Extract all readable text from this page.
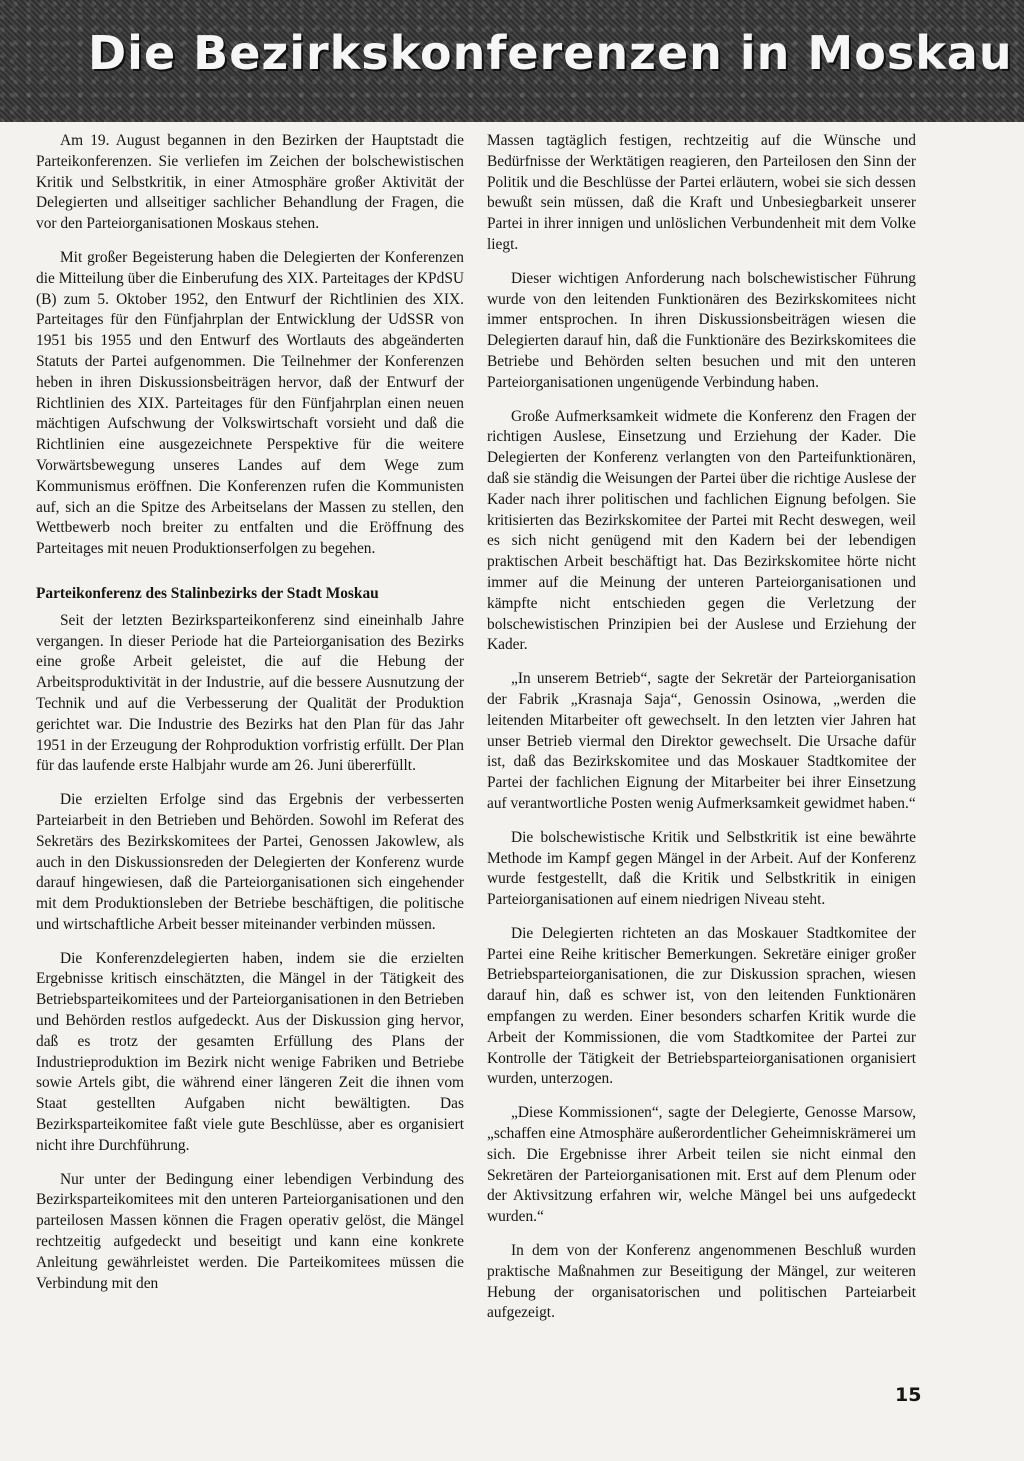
Die Bezirkskonferenzen in Moskau

Am 19. August begannen in den Bezirken der Hauptstadt die Parteikonferenzen. Sie verliefen im Zeichen der bolschewistischen Kritik und Selbstkritik, in einer Atmosphäre großer Aktivität der Delegierten und allseitiger sachlicher Behandlung der Fragen, die vor den Parteiorganisationen Moskaus stehen.

Mit großer Begeisterung haben die Delegierten der Konferenzen die Mitteilung über die Einberufung des XIX. Parteitages der KPdSU (B) zum 5. Oktober 1952, den Entwurf der Richtlinien des XIX. Parteitages für den Fünfjahrplan der Entwicklung der UdSSR von 1951 bis 1955 und den Entwurf des Wortlauts des abgeänderten Statuts der Partei aufgenommen. Die Teilnehmer der Konferenzen heben in ihren Diskussionsbeiträgen hervor, daß der Entwurf der Richtlinien des XIX. Parteitages für den Fünfjahrplan einen neuen mächtigen Aufschwung der Volkswirtschaft vorsieht und daß die Richtlinien eine ausgezeichnete Perspektive für die weitere Vorwärtsbewegung unseres Landes auf dem Wege zum Kommunismus eröffnen. Die Konferenzen rufen die Kommunisten auf, sich an die Spitze des Arbeitselans der Massen zu stellen, den Wettbewerb noch breiter zu entfalten und die Eröffnung des Parteitages mit neuen Produktionserfolgen zu begehen.

Parteikonferenz des Stalinbezirks der Stadt Moskau

Seit der letzten Bezirksparteikonferenz sind eineinhalb Jahre vergangen. In dieser Periode hat die Parteiorganisation des Bezirks eine große Arbeit geleistet, die auf die Hebung der Arbeitsproduktivität in der Industrie, auf die bessere Ausnutzung der Technik und auf die Verbesserung der Qualität der Produktion gerichtet war. Die Industrie des Bezirks hat den Plan für das Jahr 1951 in der Erzeugung der Rohproduktion vorfristig erfüllt. Der Plan für das laufende erste Halbjahr wurde am 26. Juni übererfüllt.

Die erzielten Erfolge sind das Ergebnis der verbesserten Parteiarbeit in den Betrieben und Behörden. Sowohl im Referat des Sekretärs des Bezirkskomitees der Partei, Genossen Jakowlew, als auch in den Diskussionsreden der Delegierten der Konferenz wurde darauf hingewiesen, daß die Parteiorganisationen sich eingehender mit dem Produktionsleben der Betriebe beschäftigen, die politische und wirtschaftliche Arbeit besser miteinander verbinden müssen.

Die Konferenzdelegierten haben, indem sie die erzielten Ergebnisse kritisch einschätzten, die Mängel in der Tätigkeit des Betriebsparteikomitees und der Parteiorganisationen in den Betrieben und Behörden restlos aufgedeckt. Aus der Diskussion ging hervor, daß es trotz der gesamten Erfüllung des Plans der Industrieproduktion im Bezirk nicht wenige Fabriken und Betriebe sowie Artels gibt, die während einer längeren Zeit die ihnen vom Staat gestellten Aufgaben nicht bewältigten. Das Bezirksparteikomitee faßt viele gute Beschlüsse, aber es organisiert nicht ihre Durchführung.

Nur unter der Bedingung einer lebendigen Verbindung des Bezirksparteikomitees mit den unteren Parteiorganisationen und den parteilosen Massen können die Fragen operativ gelöst, die Mängel rechtzeitig aufgedeckt und beseitigt und kann eine konkrete Anleitung gewährleistet werden. Die Parteikomitees müssen die Verbindung mit den

Massen tagtäglich festigen, rechtzeitig auf die Wünsche und Bedürfnisse der Werktätigen reagieren, den Parteilosen den Sinn der Politik und die Beschlüsse der Partei erläutern, wobei sie sich dessen bewußt sein müssen, daß die Kraft und Unbesiegbarkeit unserer Partei in ihrer innigen und unlöslichen Verbundenheit mit dem Volke liegt.

Dieser wichtigen Anforderung nach bolschewistischer Führung wurde von den leitenden Funktionären des Bezirkskomitees nicht immer entsprochen. In ihren Diskussionsbeiträgen wiesen die Delegierten darauf hin, daß die Funktionäre des Bezirkskomitees die Betriebe und Behörden selten besuchen und mit den unteren Parteiorganisationen ungenügende Verbindung haben.

Große Aufmerksamkeit widmete die Konferenz den Fragen der richtigen Auslese, Einsetzung und Erziehung der Kader. Die Delegierten der Konferenz verlangten von den Parteifunktionären, daß sie ständig die Weisungen der Partei über die richtige Auslese der Kader nach ihrer politischen und fachlichen Eignung befolgen. Sie kritisierten das Bezirkskomitee der Partei mit Recht deswegen, weil es sich nicht genügend mit den Kadern bei der lebendigen praktischen Arbeit beschäftigt hat. Das Bezirkskomitee hörte nicht immer auf die Meinung der unteren Parteiorganisationen und kämpfte nicht entschieden gegen die Verletzung der bolschewistischen Prinzipien bei der Auslese und Erziehung der Kader.

„In unserem Betrieb“, sagte der Sekretär der Parteiorganisation der Fabrik „Krasnaja Saja“, Genossin Osinowa, „werden die leitenden Mitarbeiter oft gewechselt. In den letzten vier Jahren hat unser Betrieb viermal den Direktor gewechselt. Die Ursache dafür ist, daß das Bezirkskomitee und das Moskauer Stadtkomitee der Partei der fachlichen Eignung der Mitarbeiter bei ihrer Einsetzung auf verantwortliche Posten wenig Aufmerksamkeit gewidmet haben.“

Die bolschewistische Kritik und Selbstkritik ist eine bewährte Methode im Kampf gegen Mängel in der Arbeit. Auf der Konferenz wurde festgestellt, daß die Kritik und Selbstkritik in einigen Parteiorganisationen auf einem niedrigen Niveau steht.

Die Delegierten richteten an das Moskauer Stadtkomitee der Partei eine Reihe kritischer Bemerkungen. Sekretäre einiger großer Betriebsparteiorganisationen, die zur Diskussion sprachen, wiesen darauf hin, daß es schwer ist, von den leitenden Funktionären empfangen zu werden. Einer besonders scharfen Kritik wurde die Arbeit der Kommissionen, die vom Stadtkomitee der Partei zur Kontrolle der Tätigkeit der Betriebsparteiorganisationen organisiert wurden, unterzogen.

„Diese Kommissionen“, sagte der Delegierte, Genosse Marsow, „schaffen eine Atmosphäre außerordentlicher Geheimniskrämerei um sich. Die Ergebnisse ihrer Arbeit teilen sie nicht einmal den Sekretären der Parteiorganisationen mit. Erst auf dem Plenum oder der Aktivsitzung erfahren wir, welche Mängel bei uns aufgedeckt wurden.“

In dem von der Konferenz angenommenen Beschluß wurden praktische Maßnahmen zur Beseitigung der Mängel, zur weiteren Hebung der organisatorischen und politischen Parteiarbeit aufgezeigt.

15
